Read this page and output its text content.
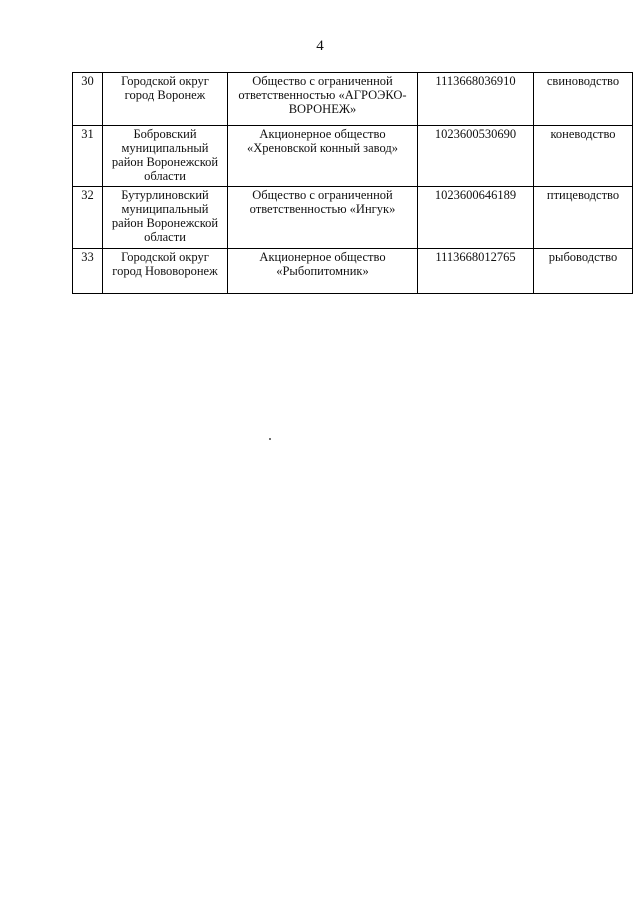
4
30	Городской округ город Воронеж	Общество с ограниченной ответственностью «АГРОЭКО-ВОРОНЕЖ»	1113668036910	свиноводство
31	Бобровский муниципальный район Воронежской области	Акционерное общество «Хреновской конный завод»	1023600530690	коневодство
32	Бутурлиновский муниципальный район Воронежской области	Общество с ограниченной ответственностью «Ингук»	1023600646189	птицеводство
33	Городской округ город Нововоронеж	Акционерное общество «Рыбопитомник»	1113668012765	рыбоводство
